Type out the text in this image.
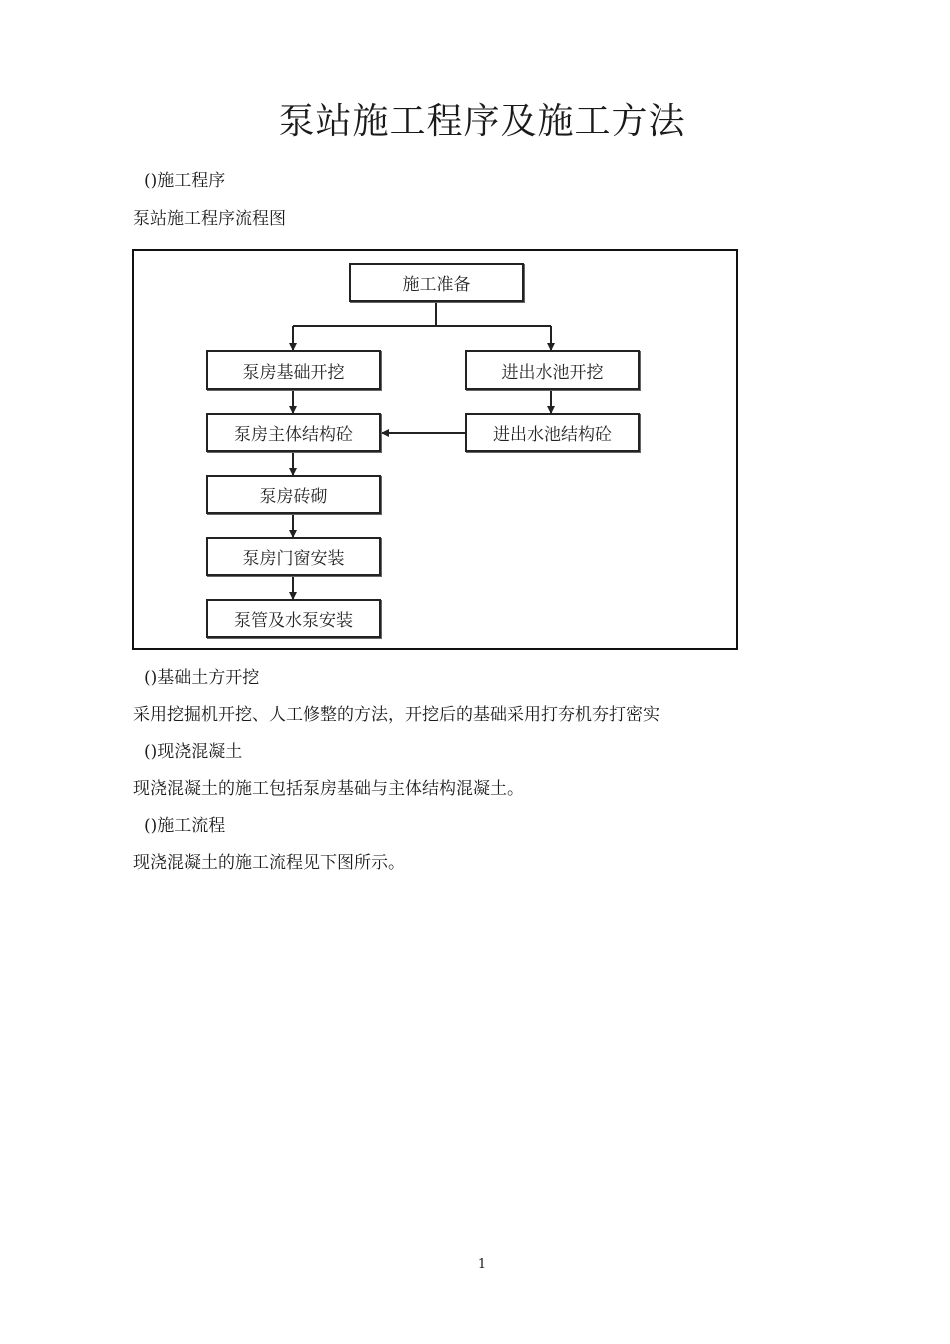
泵站施工程序及施工方法
()施工程序
泵站施工程序流程图
施工准备
泵房基础开挖	进出水池开挖
泵房主体结构砼	进出水池结构砼
泵房砖砌
泵房门窗安装
泵管及水泵安装
()基础土方开挖
采用挖掘机开挖、人工修整的方法，开挖后的基础采用打夯机夯打密实
()现浇混凝土
现浇混凝土的施工包括泵房基础与主体结构混凝土。
()施工流程
现浇混凝土的施工流程见下图所示。
1
